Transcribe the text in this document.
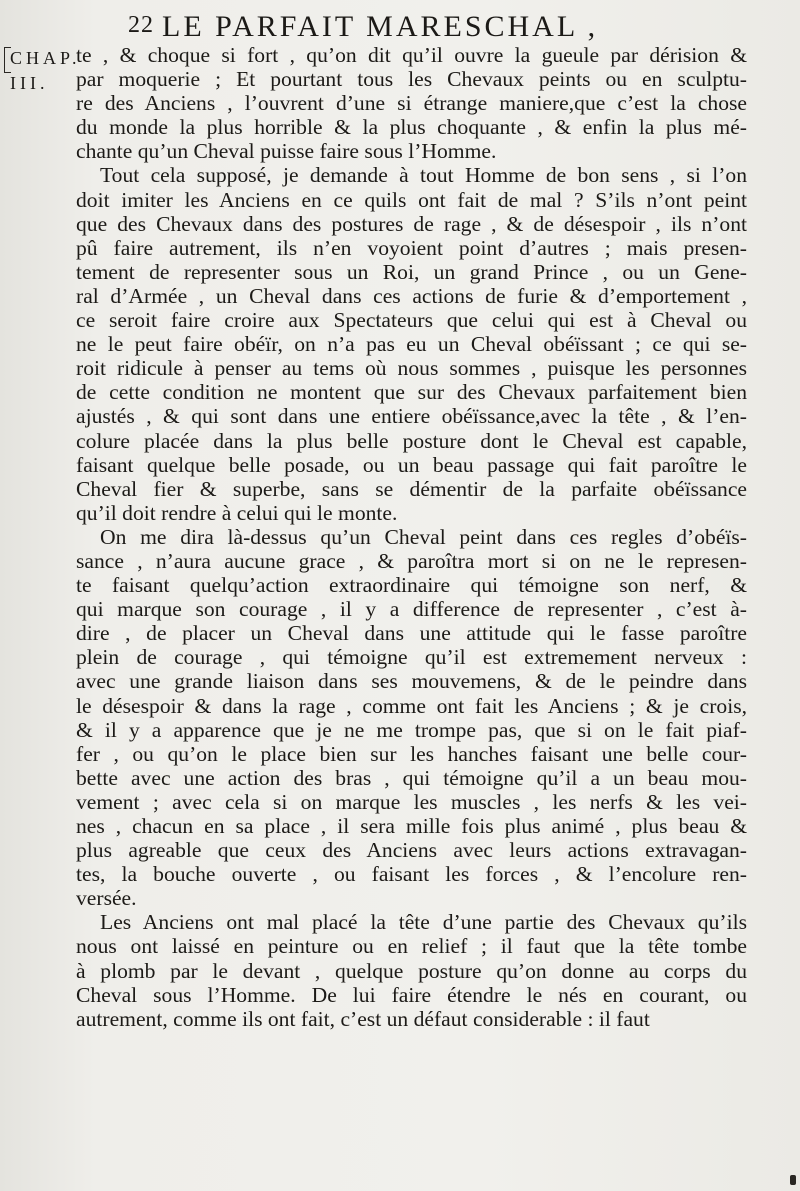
22 LE PARFAIT MARESCHAL ,
CHAP.
III.
te , & choque si fort , qu’on dit qu’il ouvre la gueule par dérision &
par moquerie ; Et pourtant tous les Chevaux peints ou en sculptu-
re des Anciens , l’ouvrent d’une si étrange maniere,que c’est la chose
du monde la plus horrible & la plus choquante , & enfin la plus mé-
chante qu’un Cheval puisse faire sous l’Homme.
Tout cela supposé, je demande à tout Homme de bon sens , si l’on
doit imiter les Anciens en ce quils ont fait de mal ? S’ils n’ont peint
que des Chevaux dans des postures de rage , & de désespoir , ils n’ont
pû faire autrement, ils n’en voyoient point d’autres ; mais presen-
tement de representer sous un Roi, un grand Prince , ou un Gene-
ral d’Armée , un Cheval dans ces actions de furie & d’emportement ,
ce seroit faire croire aux Spectateurs que celui qui est à Cheval ou
ne le peut faire obéïr, on n’a pas eu un Cheval obéïssant ; ce qui se-
roit ridicule à penser au tems où nous sommes , puisque les personnes
de cette condition ne montent que sur des Chevaux parfaitement bien
ajustés , & qui sont dans une entiere obéïssance,avec la tête , & l’en-
colure placée dans la plus belle posture dont le Cheval est capable,
faisant quelque belle posade, ou un beau passage qui fait paroître le
Cheval fier & superbe, sans se démentir de la parfaite obéïssance
qu’il doit rendre à celui qui le monte.
On me dira là-dessus qu’un Cheval peint dans ces regles d’obéïs-
sance , n’aura aucune grace , & paroîtra mort si on ne le represen-
te faisant quelqu’action extraordinaire qui témoigne son nerf, &
qui marque son courage , il y a difference de representer , c’est à-
dire , de placer un Cheval dans une attitude qui le fasse paroître
plein de courage , qui témoigne qu’il est extremement nerveux :
avec une grande liaison dans ses mouvemens, & de le peindre dans
le désespoir & dans la rage , comme ont fait les Anciens ; & je crois,
& il y a apparence que je ne me trompe pas, que si on le fait piaf-
fer , ou qu’on le place bien sur les hanches faisant une belle cour-
bette avec une action des bras , qui témoigne qu’il a un beau mou-
vement ; avec cela si on marque les muscles , les nerfs & les vei-
nes , chacun en sa place , il sera mille fois plus animé , plus beau &
plus agreable que ceux des Anciens avec leurs actions extravagan-
tes, la bouche ouverte , ou faisant les forces , & l’encolure ren-
versée.
Les Anciens ont mal placé la tête d’une partie des Chevaux qu’ils
nous ont laissé en peinture ou en relief ; il faut que la tête tombe
à plomb par le devant , quelque posture qu’on donne au corps du
Cheval sous l’Homme. De lui faire étendre le nés en courant, ou
autrement, comme ils ont fait, c’est un défaut considerable : il faut
